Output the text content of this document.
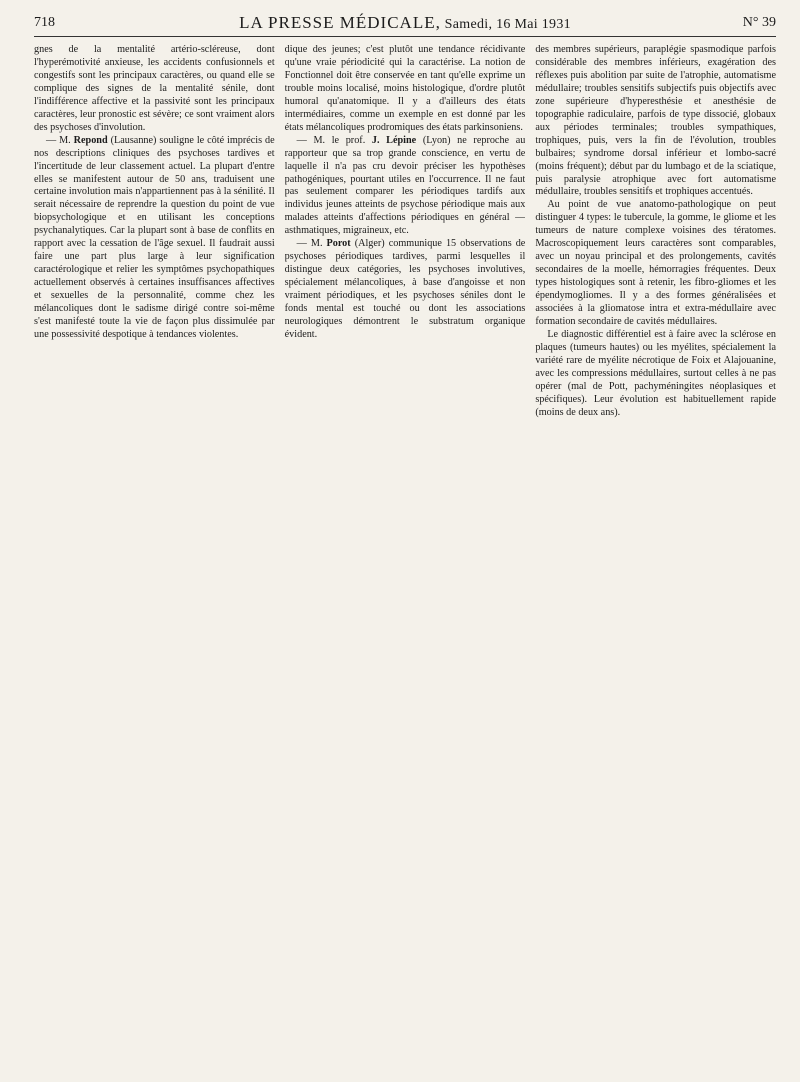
718	LA PRESSE MÉDICALE, Samedi, 16 Mai 1931	N° 39

gnes de la mentalité artério-scléreuse, dont l'hyperémotivité anxieuse, les accidents confusionnels et congestifs sont les principaux caractères, ou quand elle se complique des signes de la mentalité sénile, dont l'indifférence affective et la passivité sont les principaux caractères, leur pronostic est sévère; ce sont vraiment alors des psychoses d'involution.

— M. Repond (Lausanne) souligne le côté imprécis de nos descriptions cliniques des psychoses tardives et l'incertitude de leur classement actuel. La plupart d'entre elles se manifestent autour de 50 ans, traduisent une certaine involution mais n'appartiennent pas à la sénilité. Il serait nécessaire de reprendre la question du point de vue biopsychologique et en utilisant les conceptions psychanalytiques. Car la plupart sont à base de conflits en rapport avec la cessation de l'âge sexuel. Il faudrait aussi faire une part plus large à leur signification caractérologique et relier les symptômes psychopathiques actuellement observés à certaines insuffisances affectives et sexuelles de la personnalité, comme chez les mélancoliques dont le sadisme dirigé contre soi-même s'est manifesté toute la vie de façon plus dissimulée par une possessivité despotique à tendances violentes.

dique des jeunes; c'est plutôt une tendance récidivante qu'une vraie périodicité qui la caractérise. La notion de Fonctionnel doit être conservée en tant qu'elle exprime un trouble moins localisé, moins histologique, d'ordre plutôt humoral qu'anatomique. Il y a d'ailleurs des états intermédiaires, comme un exemple en est donné par les états mélancoliques prodromiques des états parkinsoniens.

— M. le prof. J. Lépine (Lyon) ne reproche au rapporteur que sa trop grande conscience, en vertu de laquelle il n'a pas cru devoir préciser les hypothèses pathogéniques, pourtant utiles en l'occurrence. Il ne faut pas seulement comparer les périodiques tardifs aux individus jeunes atteints de psychose périodique mais aux malades atteints d'affections périodiques en général — asthmatiques, migraineux, etc.

— M. Porot (Alger) communique 15 observations de psychoses périodiques tardives, parmi lesquelles il distingue deux catégories, les psychoses involutives, spécialement mélancoliques, à base d'angoisse et non vraiment périodiques, et les psychoses séniles dont le fonds mental est touché ou dont les associations neurologiques démontrent le substratum organique évident.

des membres supérieurs, paraplégie spasmodique parfois considérable des membres inférieurs, exagération des réflexes puis abolition par suite de l'atrophie, automatisme médullaire; troubles sensitifs subjectifs puis objectifs avec zone supérieure d'hyperesthésie et anesthésie de topographie radiculaire, parfois de type dissocié, globaux aux périodes terminales; troubles sympathiques, trophiques, puis, vers la fin de l'évolution, troubles bulbaires; syndrome dorsal inférieur et lombo-sacré (moins fréquent); début par du lumbago et de la sciatique, puis paralysie atrophique avec fort automatisme médullaire, troubles sensitifs et trophiques accentués.

Au point de vue anatomo-pathologique on peut distinguer 4 types: le tubercule, la gomme, le gliome et les tumeurs de nature complexe voisines des tératomes. Macroscopiquement leurs caractères sont comparables, avec un noyau principal et des prolongements, cavités secondaires de la moelle, hémorragies fréquentes. Deux types histologiques sont à retenir, les fibro-gliomes et les épendymogliomes. Il y a des formes généralisées et associées à la gliomatose intra et extra-médullaire avec formation secondaire de cavités médullaires.

Le diagnostic différentiel est à faire avec la sclérose en plaques (tumeurs hautes) ou les myélites, spécialement la variété rare de myélite nécrotique de Foix et Alajouanine, avec les compressions médullaires, surtout celles à ne pas opérer (mal de Pott, pachyméningites néoplasiques et spécifiques). Leur évolution est habituellement rapide (moins de deux ans).
